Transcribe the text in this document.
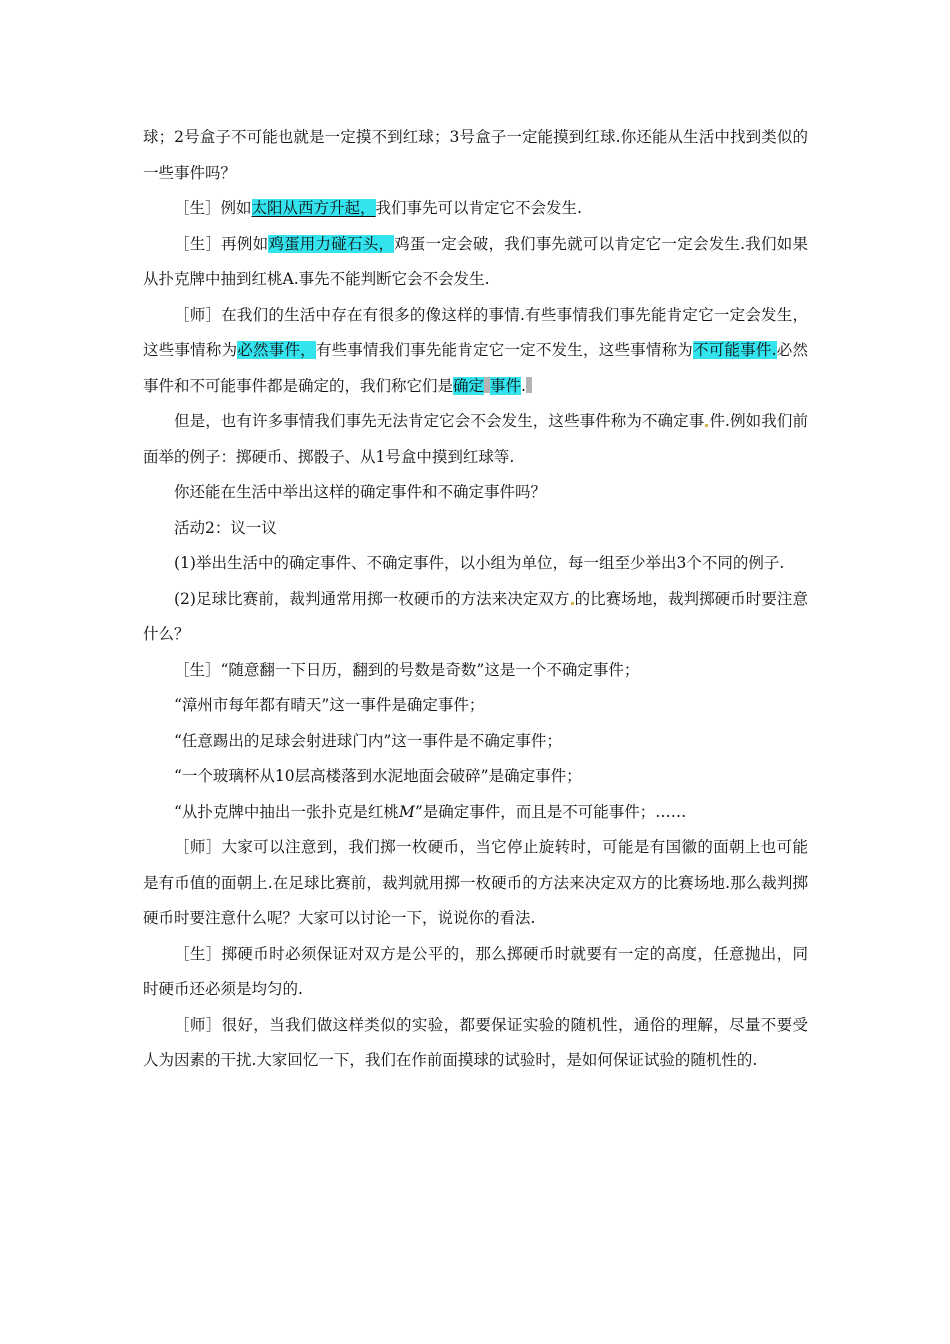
球；2号盒子不可能也就是一定摸不到红球；3号盒子一定能摸到红球.你还能从生活中找到类似的一些事件吗？

［生］例如太阳从西方升起，我们事先可以肯定它不会发生.

［生］再例如鸡蛋用力碰石头，鸡蛋一定会破，我们事先就可以肯定它一定会发生.我们如果从扑克牌中抽到红桃A.事先不能判断它会不会发生.

［师］在我们的生活中存在有很多的像这样的事情.有些事情我们事先能肯定它一定会发生，这些事情称为必然事件，有些事情我们事先能肯定它一定不发生，这些事情称为不可能事件.必然事件和不可能事件都是确定的，我们称它们是确定 事件.

但是，也有许多事情我们事先无法肯定它会不会发生，这些事件称为不确定事 件.例如我们前面举的例子：掷硬币、掷骰子、从1号盒中摸到红球等.

你还能在生活中举出这样的确定事件和不确定事件吗？

活动2：议一议

(1)举出生活中的确定事件、不确定事件，以小组为单位，每一组至少举出3个不同的例子.

(2)足球比赛前，裁判通常用掷一枚硬币的方法来决定双方 的比赛场地，裁判掷硬币时要注意什么？

［生］“随意翻一下日历，翻到的号数是奇数”这是一个不确定事件；

“漳州市每年都有晴天”这一事件是确定事件；

“任意踢出的足球会射进球门内”这一事件是不确定事件；

“一个玻璃杯从10层高楼落到水泥地面会破碎”是确定事件；

“从扑克牌中抽出一张扑克是红桃M”是确定事件，而且是不可能事件；……

［师］大家可以注意到，我们掷一枚硬币，当它停止旋转时，可能是有国徽的面朝上也可能是有币值的面朝上.在足球比赛前，裁判就用掷一枚硬币的方法来决定双方的比赛场地.那么裁判掷硬币时要注意什么呢？大家可以讨论一下，说说你的看法.

［生］掷硬币时必须保证对双方是公平的，那么掷硬币时就要有一定的高度，任意抛出，同时硬币还必须是均匀的.

［师］很好，当我们做这样类似的实验，都要保证实验的随机性，通俗的理解，尽量不要受人为因素的干扰.大家回忆一下，我们在作前面摸球的试验时，是如何保证试验的随机性的.
